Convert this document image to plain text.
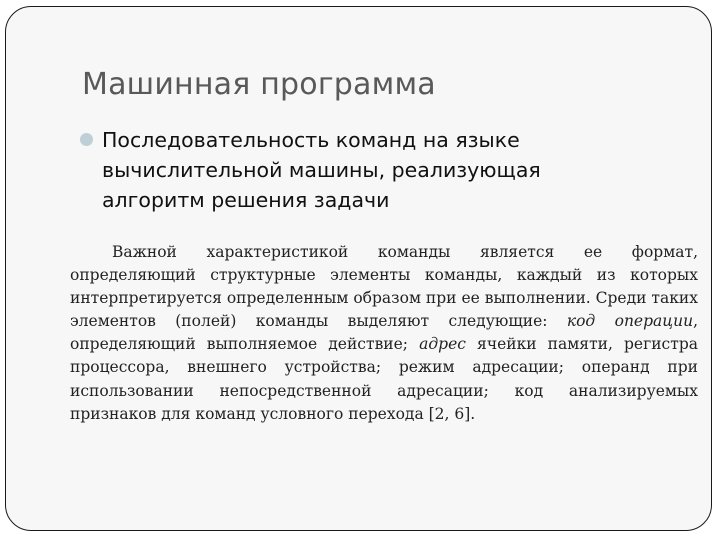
Машинная программа
Последовательность команд на языке вычислительной машины, реализующая алгоритм решения задачи

Важной характеристикой команды является ее формат, определяющий структурные элементы команды, каждый из которых интерпретируется определенным образом при ее выполнении. Среди таких элементов (полей) команды выделяют следующие: код операции, определяющий выполняемое действие; адрес ячейки памяти, регистра процессора, внешнего устройства; режим адресации; операнд при использовании непосредственной адресации; код анализируемых признаков для команд условного перехода [2, 6].
